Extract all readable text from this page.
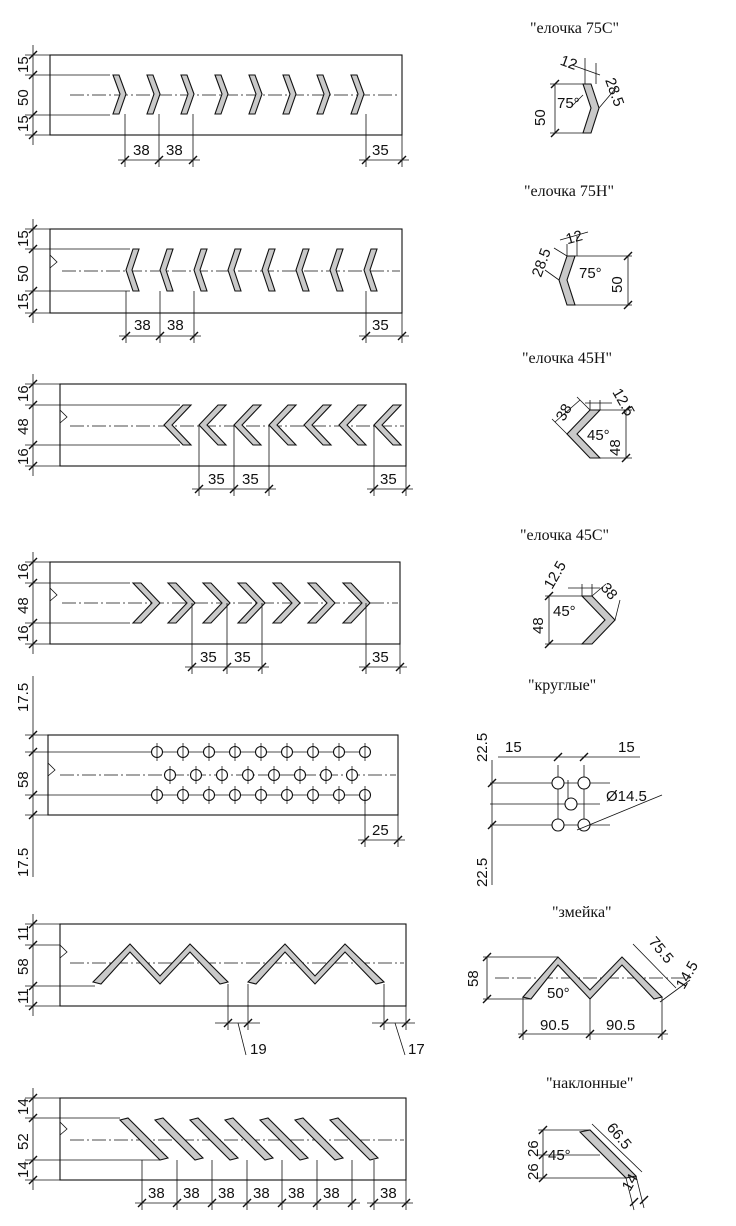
15
50
15
38 38	35
"елочка 75С"
12
28.5
75°
50
15
50
15
38 38	35
"елочка 75Н"
12
28.5 75°
50
16
48
16
35 35	35
"елочка 45Н"
38 12.5
45°
48
16
48
16
35 35	35
"елочка 45С"
12.5 38
45°
48
17.5
58
17.5
25
"круглые"
22.5 15	15
Ø14.5
22.5
11
58
11
19	17
"змейка"
58
75.5
50°
14.5
90.5 90.5
14
52
14
38 38 38 38 38 38	38
"наклонные"
26
26
45°
66.5
14
